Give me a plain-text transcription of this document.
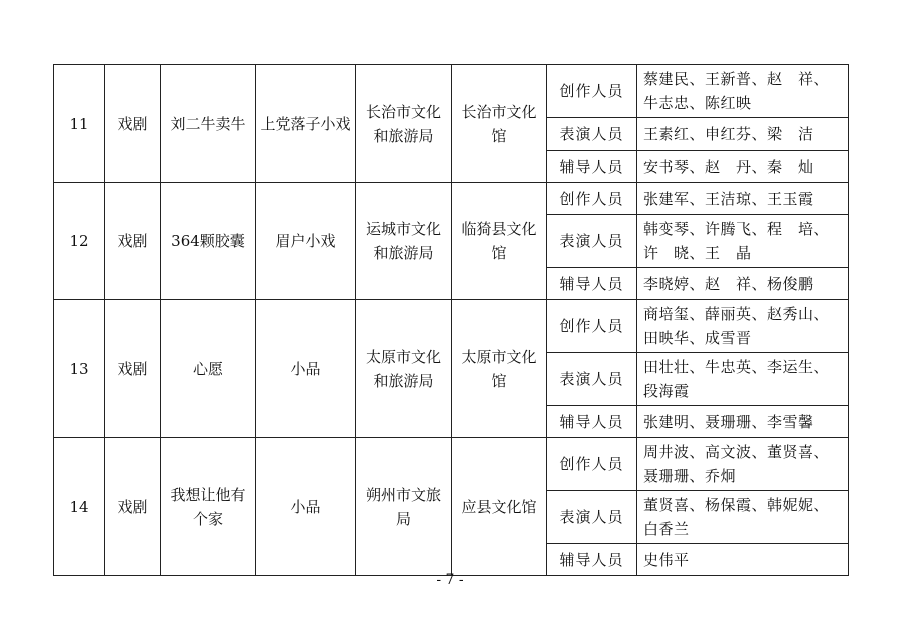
11	戏剧	刘二牛卖牛	上党落子小戏	长治市文化和旅游局	长治市文化馆	创作人员	蔡建民、王新普、赵　祥、牛志忠、陈红映
						表演人员	王素红、申红芬、梁　洁
						辅导人员	安书琴、赵　丹、秦　灿
12	戏剧	364颗胶囊	眉户小戏	运城市文化和旅游局	临猗县文化馆	创作人员	张建军、王洁琼、王玉霞
						表演人员	韩变琴、许腾飞、程　培、许　晓、王　晶
						辅导人员	李晓婷、赵　祥、杨俊鹏
13	戏剧	心愿	小品	太原市文化和旅游局	太原市文化馆	创作人员	商培玺、薛丽英、赵秀山、田映华、成雪晋
						表演人员	田壮壮、牛忠英、李运生、段海霞
						辅导人员	张建明、聂珊珊、李雪馨
14	戏剧	我想让他有个家	小品	朔州市文旅局	应县文化馆	创作人员	周井波、高文波、董贤喜、聂珊珊、乔炯
						表演人员	董贤喜、杨保霞、韩妮妮、白香兰
						辅导人员	史伟平
- 7 -
